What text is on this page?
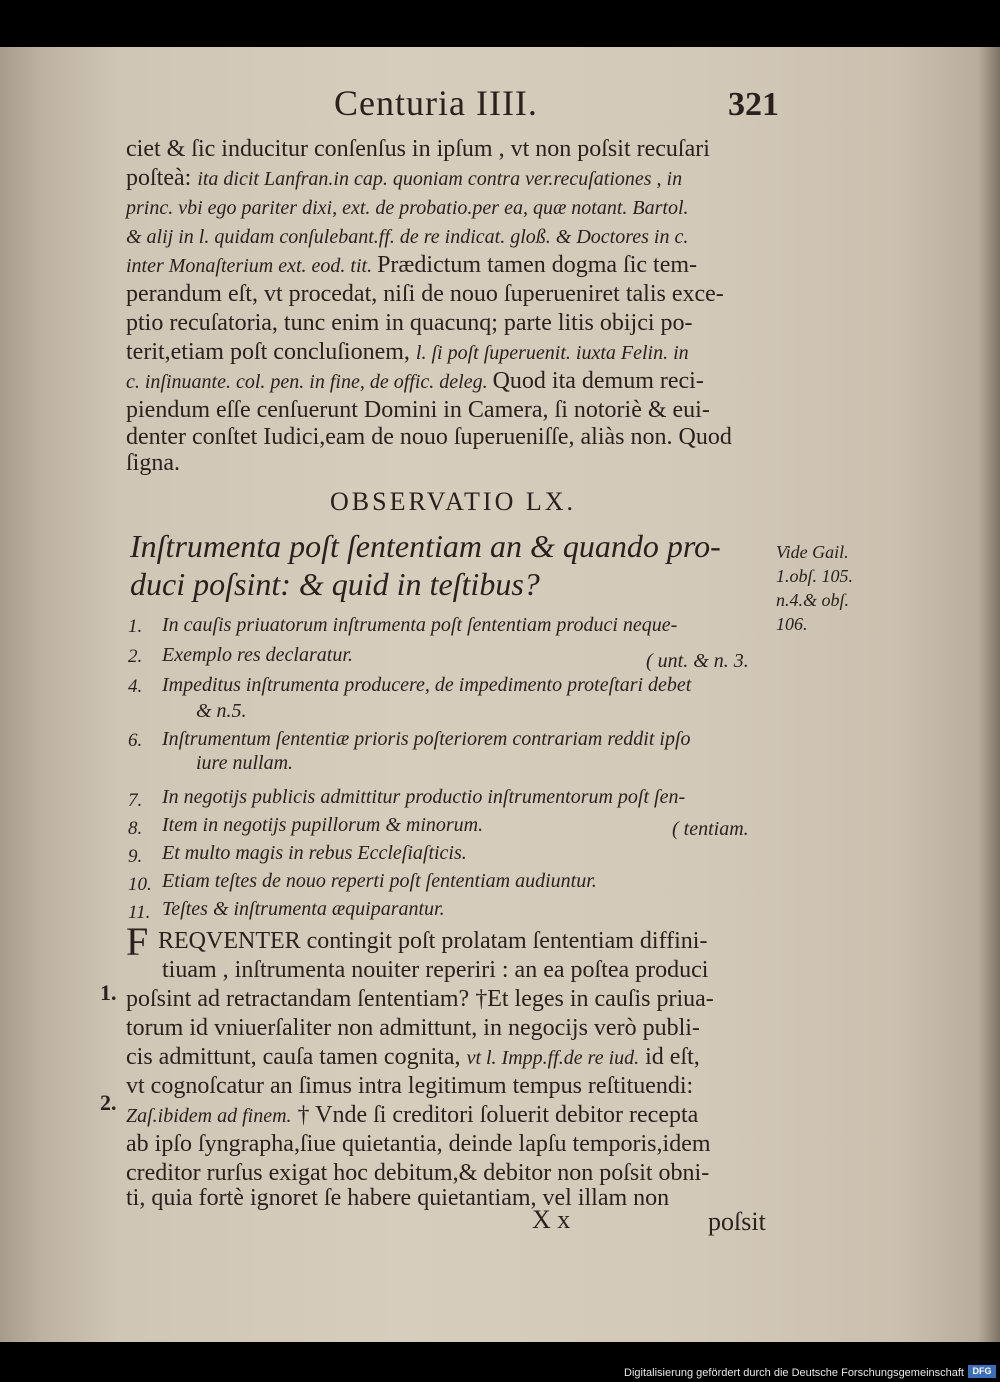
Centuria IIII.	321
ciet & ſic inducitur conſenſus in ipſum , vt non poſsit recuſari
poſteà: ita dicit Lanfran.in cap. quoniam contra ver.recuſationes , in
princ. vbi ego pariter dixi, ext. de probatio.per ea, quæ notant. Bartol.
& alij in l. quidam conſulebant.ff. de re indicat. gloß. & Doctores in c.
inter Monaſterium ext. eod. tit. Prædictum tamen dogma ſic tem-
perandum eſt, vt procedat, niſi de nouo ſuperueniret talis exce-
ptio recuſatoria, tunc enim in quacunq; parte litis obijci po-
terit,etiam poſt concluſionem, l. ſi poſt ſuperuenit. iuxta Felin. in
c. inſinuante. col. pen. in fine, de offic. deleg. Quod ita demum reci-
piendum eſſe cenſuerunt Domini in Camera, ſi notoriè & eui-
denter conſtet Iudici,eam de nouo ſuperueniſſe, aliàs non. Quod
ſigna.
OBSERVATIO LX.
Inſtrumenta poſt ſententiam an & quando pro-
duci poſsint: & quid in teſtibus?
Vide Gail.
1.obſ. 105.
n.4.& obſ.
106.
1. In cauſis priuatorum inſtrumenta poſt ſententiam produci neque-
2. Exemplo res declaratur.	( unt. & n. 3.
4. Impeditus inſtrumenta producere, de impedimento proteſtari debet
& n.5.
6. Inſtrumentum ſententiæ prioris poſteriorem contrariam reddit ipſo
iure nullam.
7. In negotijs publicis admittitur productio inſtrumentorum poſt ſen-
8. Item in negotijs pupillorum & minorum.	( tentiam.
9. Et multo magis in rebus Eccleſiaſticis.
10. Etiam teſtes de nouo reperti poſt ſententiam audiuntur.
11. Teſtes & inſtrumenta æquiparantur.
F REQVENTER contingit poſt prolatam ſententiam diffini-
tiuam , inſtrumenta nouiter reperiri : an ea poſtea produci
1. poſsint ad retractandam ſententiam? †Et leges in cauſis priua-
torum id vniuerſaliter non admittunt, in negocijs verò publi-
cis admittunt, cauſa tamen cognita, vt l. Impp.ff.de re iud. id eſt,
vt cognoſcatur an ſimus intra legitimum tempus reſtituendi:
2.
Zaſ.ibidem ad finem. † Vnde ſi creditori ſoluerit debitor recepta
ab ipſo ſyngrapha,ſiue quietantia, deinde lapſu temporis,idem
creditor rurſus exigat hoc debitum,& debitor non poſsit obni-
ti, quia fortè ignoret ſe habere quietantiam, vel illam non
X x	poſsit
Digitalisierung gefördert durch die Deutsche Forschungsgemeinschaft DFG
